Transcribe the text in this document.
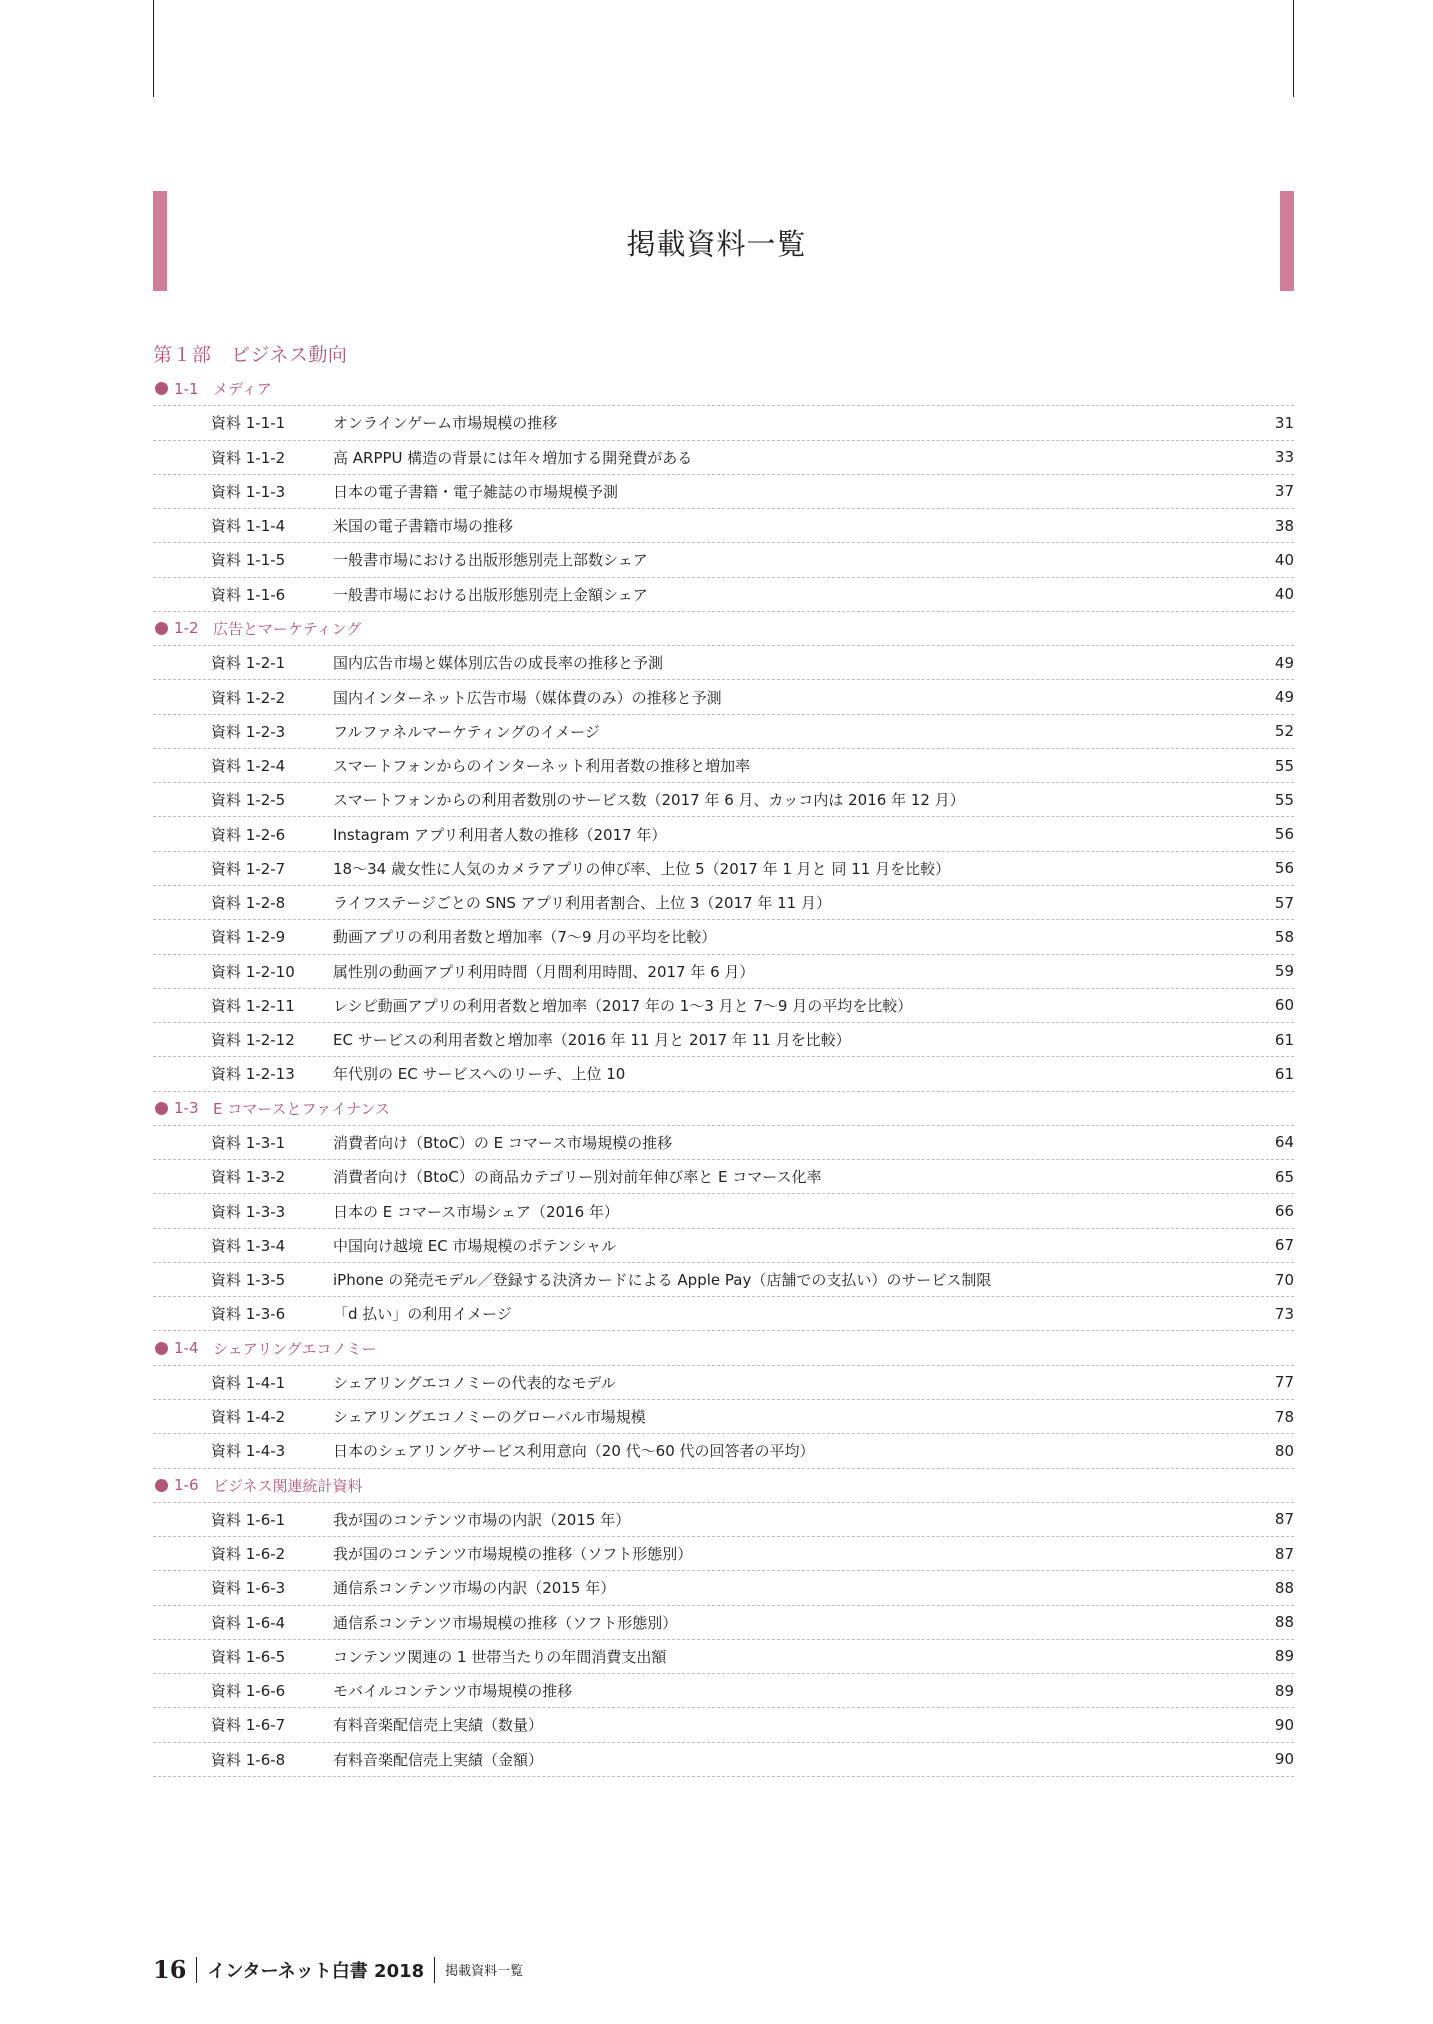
掲載資料一覧
第１部　ビジネス動向
1-1 メディア
資料 1-1-1	オンラインゲーム市場規模の推移	31
資料 1-1-2	高 ARPPU 構造の背景には年々増加する開発費がある	33
資料 1-1-3	日本の電子書籍・電子雑誌の市場規模予測	37
資料 1-1-4	米国の電子書籍市場の推移	38
資料 1-1-5	一般書市場における出版形態別売上部数シェア	40
資料 1-1-6	一般書市場における出版形態別売上金額シェア	40
1-2 広告とマーケティング
資料 1-2-1	国内広告市場と媒体別広告の成長率の推移と予測	49
資料 1-2-2	国内インターネット広告市場（媒体費のみ）の推移と予測	49
資料 1-2-3	フルファネルマーケティングのイメージ	52
資料 1-2-4	スマートフォンからのインターネット利用者数の推移と増加率	55
資料 1-2-5	スマートフォンからの利用者数別のサービス数（2017 年 6 月、カッコ内は 2016 年 12 月）	55
資料 1-2-6	Instagram アプリ利用者人数の推移（2017 年）	56
資料 1-2-7	18〜34 歳女性に人気のカメラアプリの伸び率、上位 5（2017 年 1 月と 同 11 月を比較）	56
資料 1-2-8	ライフステージごとの SNS アプリ利用者割合、上位 3（2017 年 11 月）	57
資料 1-2-9	動画アプリの利用者数と増加率（7〜9 月の平均を比較）	58
資料 1-2-10	属性別の動画アプリ利用時間（月間利用時間、2017 年 6 月）	59
資料 1-2-11	レシピ動画アプリの利用者数と増加率（2017 年の 1〜3 月と 7〜9 月の平均を比較）	60
資料 1-2-12	EC サービスの利用者数と増加率（2016 年 11 月と 2017 年 11 月を比較）	61
資料 1-2-13	年代別の EC サービスへのリーチ、上位 10	61
1-3 E コマースとファイナンス
資料 1-3-1	消費者向け（BtoC）の E コマース市場規模の推移	64
資料 1-3-2	消費者向け（BtoC）の商品カテゴリー別対前年伸び率と E コマース化率	65
資料 1-3-3	日本の E コマース市場シェア（2016 年）	66
資料 1-3-4	中国向け越境 EC 市場規模のポテンシャル	67
資料 1-3-5	iPhone の発売モデル／登録する決済カードによる Apple Pay（店舗での支払い）のサービス制限	70
資料 1-3-6	「d 払い」の利用イメージ	73
1-4 シェアリングエコノミー
資料 1-4-1	シェアリングエコノミーの代表的なモデル	77
資料 1-4-2	シェアリングエコノミーのグローバル市場規模	78
資料 1-4-3	日本のシェアリングサービス利用意向（20 代〜60 代の回答者の平均）	80
1-6 ビジネス関連統計資料
資料 1-6-1	我が国のコンテンツ市場の内訳（2015 年）	87
資料 1-6-2	我が国のコンテンツ市場規模の推移（ソフト形態別）	87
資料 1-6-3	通信系コンテンツ市場の内訳（2015 年）	88
資料 1-6-4	通信系コンテンツ市場規模の推移（ソフト形態別）	88
資料 1-6-5	コンテンツ関連の 1 世帯当たりの年間消費支出額	89
資料 1-6-6	モバイルコンテンツ市場規模の推移	89
資料 1-6-7	有料音楽配信売上実績（数量）	90
資料 1-6-8	有料音楽配信売上実績（金額）	90
16 インターネット白書 2018 掲載資料一覧
